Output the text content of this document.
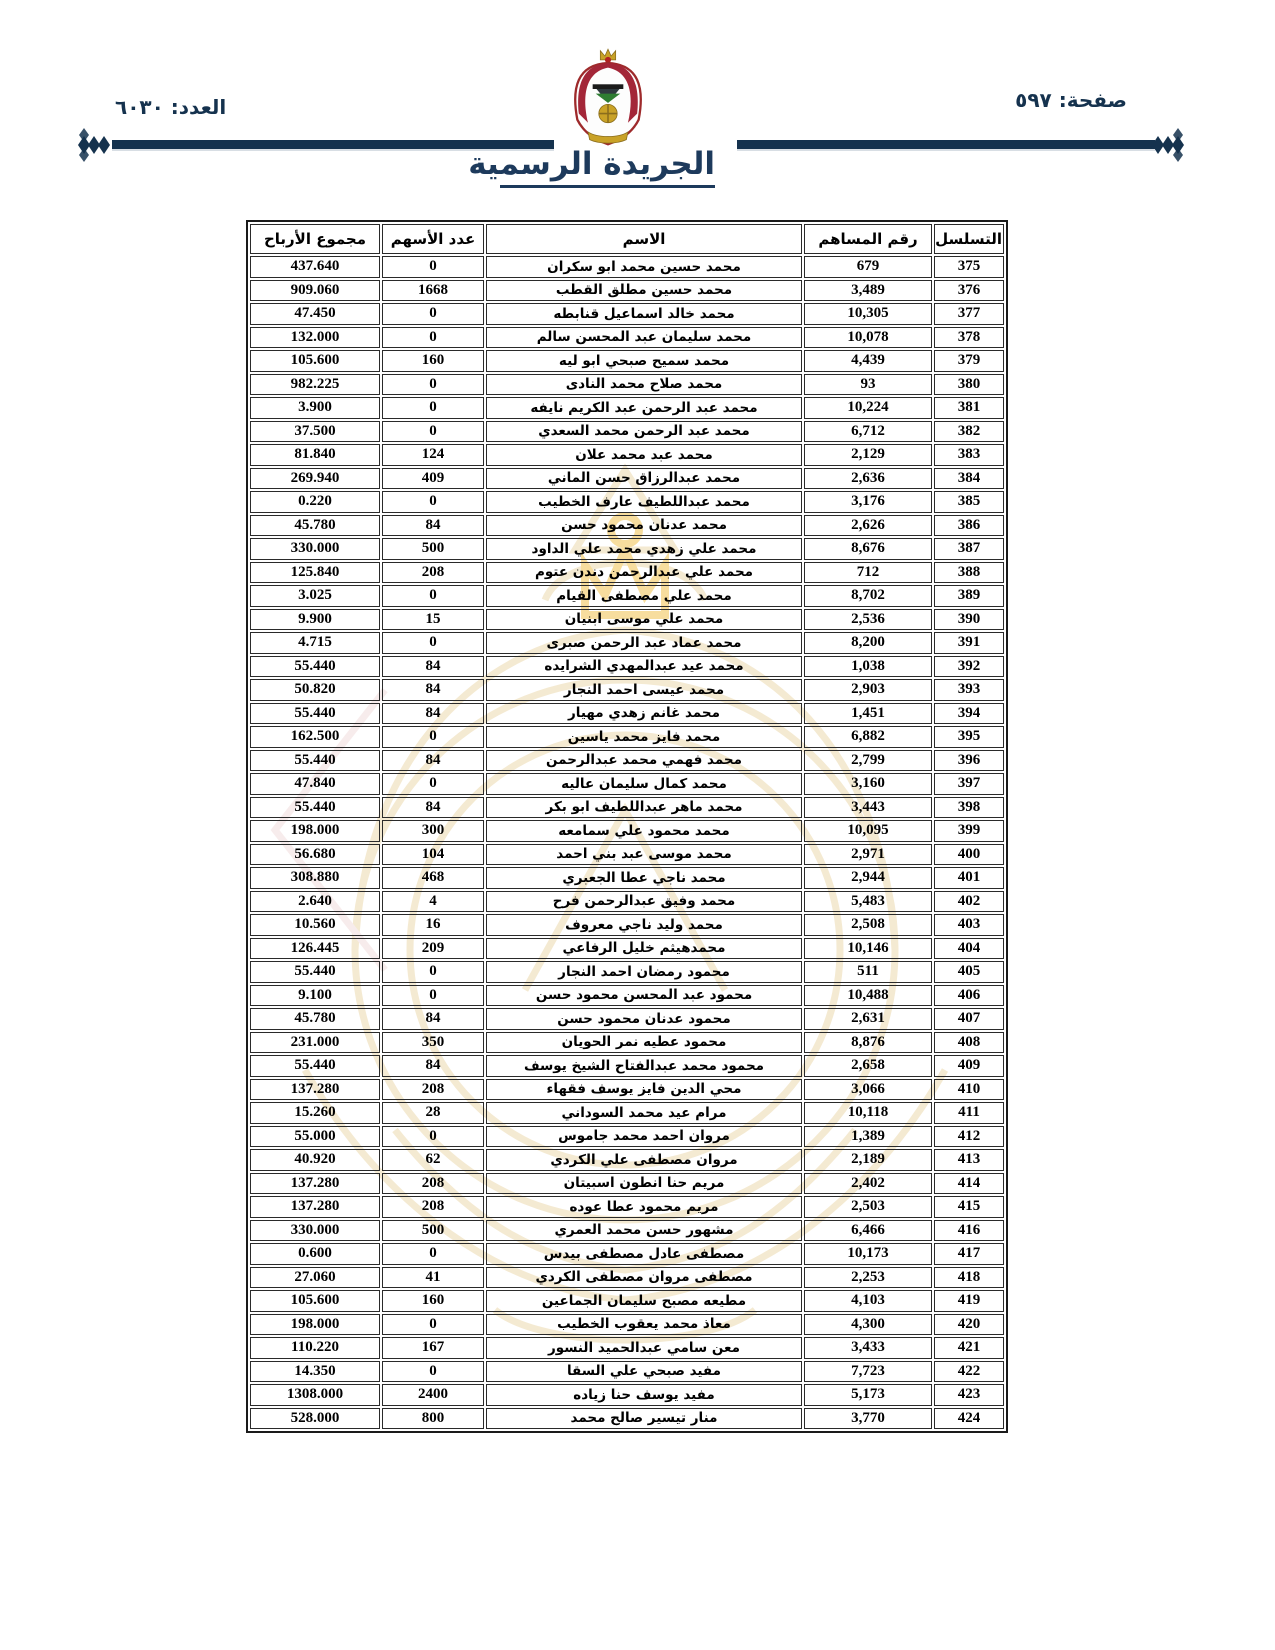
صفحة: ٥٩٧
العدد: ٦٠٣٠
الجريدة الرسمية
التسلسل	رقم المساهم	الاسم	عدد الأسهم	مجموع الأرباح
375	679	محمد حسين محمد ابو سكران	0	437.640
376	3,489	محمد حسين مطلق القطب	1668	909.060
377	10,305	محمد خالد اسماعيل قنابطه	0	47.450
378	10,078	محمد سليمان عبد المحسن سالم	0	132.000
379	4,439	محمد سميح صبحي ابو ليه	160	105.600
380	93	محمد صلاح محمد النادى	0	982.225
381	10,224	محمد عبد الرحمن عبد الكريم نايفه	0	3.900
382	6,712	محمد عبد الرحمن محمد السعدي	0	37.500
383	2,129	محمد عبد محمد علان	124	81.840
384	2,636	محمد عبدالرزاق حسن الماني	409	269.940
385	3,176	محمد عبداللطيف عارف الخطيب	0	0.220
386	2,626	محمد عدنان محمود حسن	84	45.780
387	8,676	محمد علي زهدي محمد علي الداود	500	330.000
388	712	محمد علي عبدالرحمن دندن عتوم	208	125.840
389	8,702	محمد علي مصطفى القيام	0	3.025
390	2,536	محمد علي موسى ابنيان	15	9.900
391	8,200	محمد عماد عبد الرحمن صبرى	0	4.715
392	1,038	محمد عيد عبدالمهدي الشرايده	84	55.440
393	2,903	محمد عيسى احمد النجار	84	50.820
394	1,451	محمد غانم زهدي مهيار	84	55.440
395	6,882	محمد فايز محمد ياسين	0	162.500
396	2,799	محمد فهمي محمد عبدالرحمن	84	55.440
397	3,160	محمد كمال سليمان عاليه	0	47.840
398	3,443	محمد ماهر عبداللطيف ابو بكر	84	55.440
399	10,095	محمد محمود علي سمامعه	300	198.000
400	2,971	محمد موسى عبد بني احمد	104	56.680
401	2,944	محمد ناجي عطا الجعبري	468	308.880
402	5,483	محمد وفيق عبدالرحمن فرح	4	2.640
403	2,508	محمد وليد ناجي معروف	16	10.560
404	10,146	محمدهيثم خليل الرفاعي	209	126.445
405	511	محمود رمضان احمد النجار	0	55.440
406	10,488	محمود عبد المحسن محمود حسن	0	9.100
407	2,631	محمود عدنان محمود حسن	84	45.780
408	8,876	محمود عطيه نمر الحويان	350	231.000
409	2,658	محمود محمد عبدالفتاح الشيخ يوسف	84	55.440
410	3,066	محي الدين فايز يوسف فقهاء	208	137.280
411	10,118	مرام عيد محمد السوداني	28	15.260
412	1,389	مروان احمد محمد جاموس	0	55.000
413	2,189	مروان مصطفى علي الكردي	62	40.920
414	2,402	مريم حنا انطون اسبيتان	208	137.280
415	2,503	مريم محمود عطا عوده	208	137.280
416	6,466	مشهور حسن محمد العمري	500	330.000
417	10,173	مصطفى عادل مصطفى بيدس	0	0.600
418	2,253	مصطفى مروان مصطفى الكردي	41	27.060
419	4,103	مطيعه مصبح سليمان الجماعين	160	105.600
420	4,300	معاذ محمد يعقوب الخطيب	0	198.000
421	3,433	معن سامي عبدالحميد النسور	167	110.220
422	7,723	مفيد صبحي علي السقا	0	14.350
423	5,173	مفيد يوسف حنا زياده	2400	1308.000
424	3,770	منار تيسير صالح محمد	800	528.000
